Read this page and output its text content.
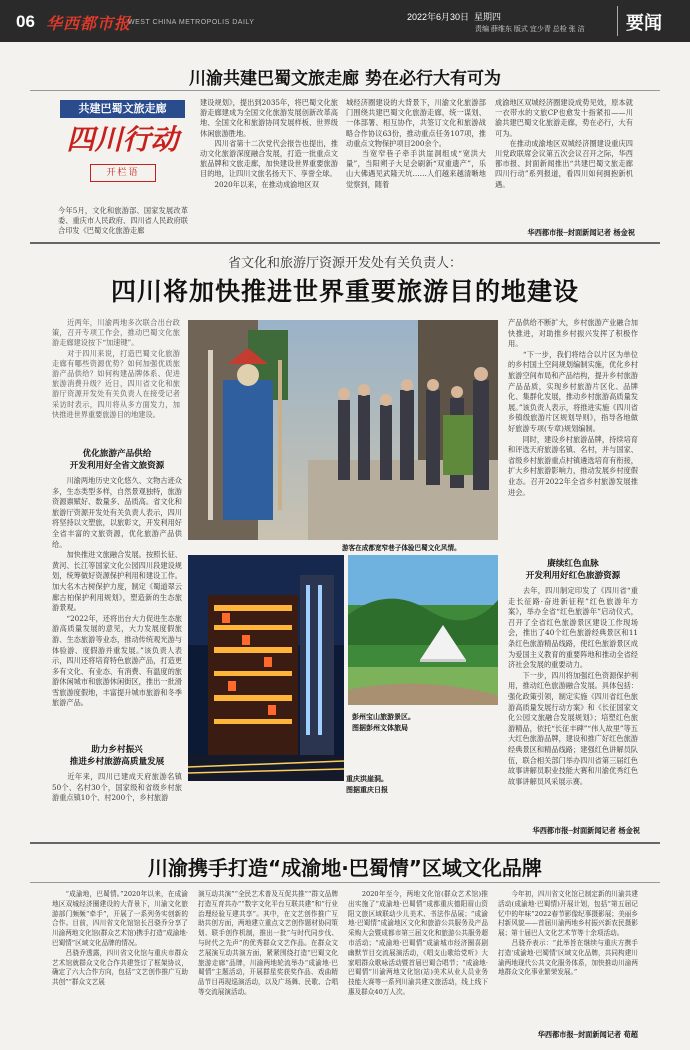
06 华西都市报
WEST CHINA METROPOLIS DAILY
2022年6月30日 星期四
责编 薛维东 版式 宜少青 总检 张 洁 要闻
川渝共建巴蜀文旅走廊 势在必行大有可为
共建巴蜀文旅走廊
四川行动
开栏语

今年5月，文化和旅游部、国家发展改革委、重庆市人民政府、四川省人民政府联合印发《巴蜀文化旅游走廊

建设规划》，提出到2035年，将巴蜀文化旅游走廊建成为全国文化旅游发展创新改革高地、全国文化和旅游协同发展样板、世界级休闲旅游胜地。
　　四川省第十二次党代会报告也提出，推动文化旅游深度融合发展，打造一批重点文旅品牌和文旅走廊，加快建设世界重要旅游目的地，让四川文旅名扬天下、享誉全球。
　　2020年以来，在推动成渝地区双

城经济圈建设的大背景下，川渝文化旅游部门围绕共建巴蜀文化旅游走廊，统一谋划、一体部署、相互协作，共签订文化和旅游战略合作协议63份，推动重点任务107项，推动重点文物保护项目200余个。
　　当宽窄巷子牵手洪崖洞组成“宽洪大量”，当阳朔子大足会刷新“双重遗产”，乐山大佛遇见武隆天坑……人们越来越清晰地觉察到，随着

成渝地区双城经济圈建设成势见效，原本就一衣带水的文旅CP也愈发十指紧扣——川渝共建巴蜀文化旅游走廊，势在必行，大有可为。
　　在推动成渝地区双城经济圈建设重庆四川党政联席会议第五次会议召开之际，华西都市报、封面新闻推出“共建巴蜀文旅走廊四川行动”系列报道，看四川如何拥抱新机遇。

华西都市报─封面新闻记者 杨金祝
省文化和旅游厅资源开发处有关负责人：
四川将加快推进世界重要旅游目的地建设

　　近两年，川渝两地多次联合出台政策，召开专项工作会，推动巴蜀文化旅游走廊建设按下“加速键”。
　　对于四川来说，打造巴蜀文化旅游走廊有哪些资源优势？如何加强优质旅游产品供给？如何构建品牌体系、促进旅游消费升级？近日，四川省文化和旅游厅资源开发处有关负责人在接受记者采访时表示，四川将从多方面发力，加快推进世界重要旅游目的地建设。

优化旅游产品供给
开发利用好全省文旅资源

　　川渝两地历史文化悠久、文物古迹众多，生态类型多样，自然景观独特，旅游资源禀赋好、数量多、品质高。省文化和旅游厅资源开发处有关负责人表示，四川将坚持以文塑旅，以旅彰文，开发利用好全省丰富的文旅资源，优化旅游产品供给。
　　加快推进文旅融合发展。按照长征、黄河、长江等国家文化公园四川段建设规划，统筹做好资源保护利用和建设工作。加大名木古树保护力度，制定《蜀道翠云廊古柏保护利用规划》，塑造新的生态旅游景观。
　　“2022年，还将出台大力促进生态旅游高质量发展的意见，大力发展度假旅游、生态旅游等业态，推动传统观光游与体验游、度假游并重发展。”该负责人表示，四川还将培育特色旅游产品，打造更多有文化、有业态、有消费、有温度的旅游休闲城市和旅游休闲街区，推出一批滑雪旅游度假地，丰富提升城市旅游和冬季旅游产品。

助力乡村振兴
推进乡村旅游高质量发展

　　近年来，四川已建成天府旅游名镇50个、名村30个，国家级和省级乡村旅游重点镇10个、村200个，乡村旅游

游客在成都宽窄巷子体验巴蜀文化风情。
重庆洪崖洞。
图据重庆日报
彭州宝山旅游景区。
图据彭州文体旅局

产品供给不断扩大，乡村旅游产业融合加快推进，对助推乡村振兴发挥了积极作用。
　　“下一步，我们将结合以片区为单位的乡村国土空间规划编制实施，优化乡村旅游空间布局和产品结构，提升乡村旅游产品品质，实现乡村旅游片区化、品牌化、集群化发展，推动乡村旅游高质量发展。”该负责人表示，将推进实施《四川省乡镇级旅游片区规划导则》，指导各地做好旅游专项(专章)规划编制。
　　同时，建设乡村旅游品牌，持续培育和评选天府旅游名镇、名村，并与国家、省级乡村旅游重点村镇遴选培育有衔接，扩大乡村旅游影响力，推动发展乡村度假业态。召开2022年全省乡村旅游发展推进会。

赓续红色血脉
开发利用好红色旅游资源

　　去年，四川制定印发了《四川省“重走长征路·奋进新征程”红色旅游年方案》，举办全省“红色旅游年”启动仪式，召开了全省红色旅游景区建设工作现场会，推出了40个红色旅游经典景区和11条红色旅游精品线路，使红色旅游景区成为爱国主义教育的重要阵地和推动全省经济社会发展的重要动力。
　　下一步，四川将加强红色资源保护利用，推动红色旅游融合发展。具体包括：强化政策引领，制定实施《四川省红色旅游高质量发展行动方案》和《长征国家文化公园文旅融合发展规划》；培塑红色旅游精品，依托“长征丰碑”“伟人故里”等五大红色旅游品牌，建设和推广好红色旅游经典景区和精品线路；建强红色讲解员队伍，联合相关部门举办四川省第三届红色故事讲解员职业技能大赛和川渝优秀红色故事讲解员风采展示赛。

华西都市报─封面新闻记者 杨金祝
川渝携手打造“成渝地·巴蜀情”区域文化品牌

　　“成渝地，巴蜀情。”2020年以来，在成渝地区双城经济圈建设的大背景下，川渝文化旅游部门频频“牵手”，开展了一系列务实创新的合作。目前，四川省文化馆馆长吕骁乔分享了川渝两地文化馆(群众艺术馆)携手打造“成渝地·巴蜀情”区域文化品牌的情况。
　　吕骁乔透露，四川省文化馆与重庆市群众艺术馆就群众文化合作共建签订了框架协议，确定了六大合作方向，包括“文艺创作推广互助共创”“群众文艺展

演互动共演”“全民艺术普及互促共推”“群文品牌打造互育共办”“数字文化平台互联共建”和“行业治理经验互建共享”。其中，在文艺创作推广互助共创方面，两地建立重点文艺创作题材协同策划、联手创作机制，推出一批“与时代同步伐、与时代之先声”的优秀群众文艺作品。在群众文艺展演互动共演方面，紧紧围绕打造“巴蜀文化旅游走廊”品牌，川渝两地轮流举办“成渝地·巴蜀情”主题活动，开展群星奖获奖作品、戏曲精品节目再现巡演活动，以及广场舞、民歌、合唱等交流展演活动。

　　2020年至今，两地文化馆(群众艺术馆)推出实施了“成渝地·巴蜀情”成都重庆德阳眉山资阳文旅区域联动少儿美术、书法作品展；“成渝地·巴蜀情”成渝地区文化和旅游公共服务及产品采购大会暨成都市第三届文化和旅游公共服务超市活动；“成渝地·巴蜀情”成渝城市经济圈喜剧幽默节目交流展演活动，《唱支山歌给党听》大家唱群众歌咏活动暨首届巴蜀合唱节；“成渝地·巴蜀情”川渝两地文化馆(站)美术从业人员业务技能大赛等一系列川渝共建文旅活动，线上线下惠及群众40万人次。

　　今年初，四川省文化馆已制定新的川渝共建活动(成渝地·巴蜀情)开展计划，包括“第五届记忆中的年味”2022春节影像纪事摄影展；美丽乡村新风貌——首届川渝两地乡村振兴新农民摄影展；第十届巴人文化艺术节等十余项活动。
　　吕骁乔表示：“此举旨在继续与重庆方携手打造‘成渝地·巴蜀情’区域文化品牌，共同构建川渝两地现代公共文化服务体系，加快推动川渝两地群众文化事业繁荣发展。”

华西都市报─封面新闻记者 荀超
